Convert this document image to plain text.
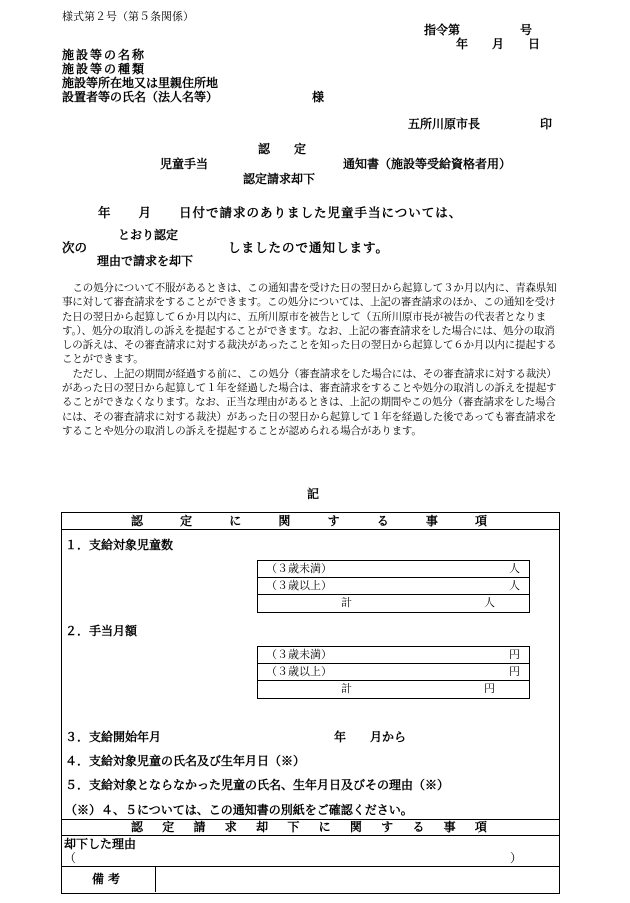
様式第２号（第５条関係）
指令第　　　　　号
年　　月　　日
施設等の名称
施設等の種類
施設等所在地又は里親住所地
設置者等の氏名（法人名等）	様
五所川原市長	印
認　　定
児童手当	通知書（施設等受給資格者用）
認定請求却下
年　　月　　日付で請求のありました児童手当については、
とおり認定
次の	しましたので通知します。
理由で請求を却下

この処分について不服があるときは、この通知書を受けた日の翌日から起算して３か月以内に、青森県知事に対して審査請求をすることができます。この処分については、上記の審査請求のほか、この通知を受けた日の翌日から起算して６か月以内に、五所川原市を被告として（五所川原市長が被告の代表者となります。）、処分の取消しの訴えを提起することができます。なお、上記の審査請求をした場合には、処分の取消しの訴えは、その審査請求に対する裁決があったことを知った日の翌日から起算して６か月以内に提起することができます。

ただし、上記の期間が経過する前に、この処分（審査請求をした場合には、その審査請求に対する裁決）があった日の翌日から起算して１年を経過した場合は、審査請求をすることや処分の取消しの訴えを提起することができなくなります。なお、正当な理由があるときは、上記の期間やこの処分（審査請求をした場合には、その審査請求に対する裁決）があった日の翌日から起算して１年を経過した後であっても審査請求をすることや処分の取消しの訴えを提起することが認められる場合があります。

記
認	定	に	関	す	る	事	項
１．支給対象児童数
（３歳未満）	人
（３歳以上）	人
計	人
２．手当月額
（３歳未満）	円
（３歳以上）	円
計	円
３．支給開始年月	年　　月から
４．支給対象児童の氏名及び生年月日（※）
５．支給対象とならなかった児童の氏名、生年月日及びその理由（※）
（※）４、５については、この通知書の別紙をご確認ください。
認 定 請 求 却 下 に 関 す る 事 項
却下した理由
（	）
備考
